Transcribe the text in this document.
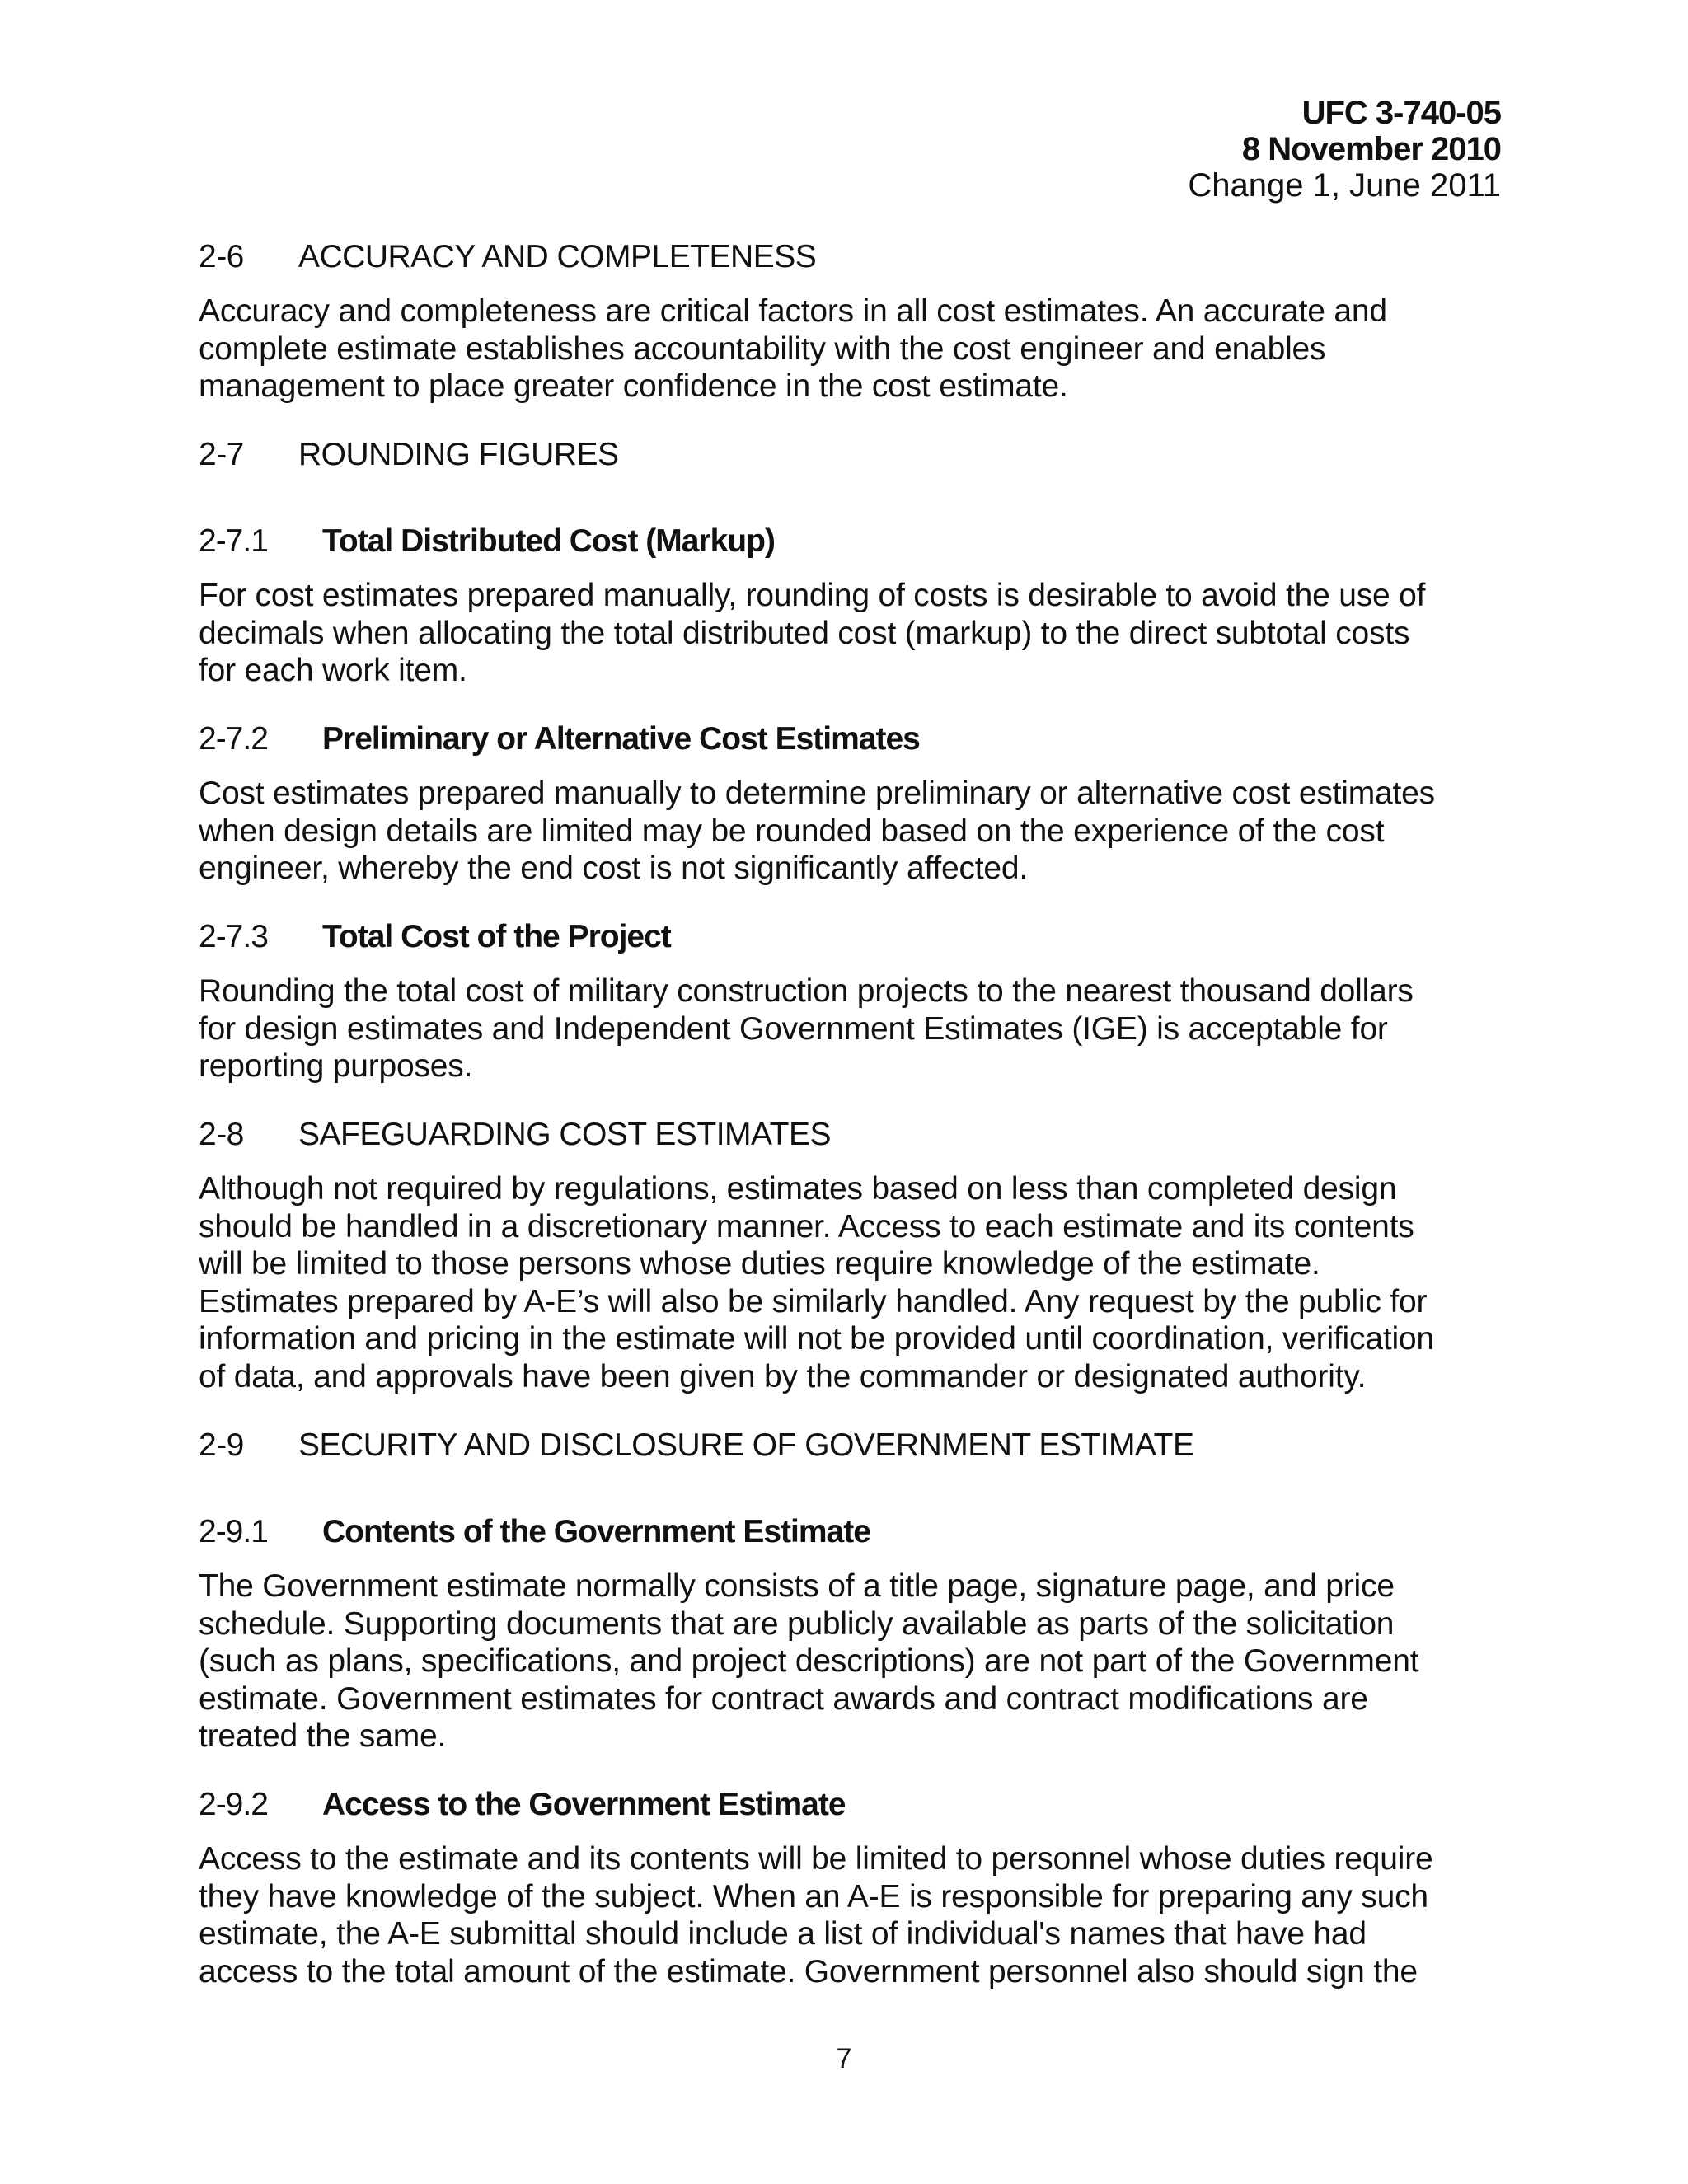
UFC 3-740-05
8 November 2010
Change 1, June 2011
2-6 ACCURACY AND COMPLETENESS
Accuracy and completeness are critical factors in all cost estimates. An accurate and
complete estimate establishes accountability with the cost engineer and enables
management to place greater confidence in the cost estimate.
2-7 ROUNDING FIGURES
2-7.1 Total Distributed Cost (Markup)
For cost estimates prepared manually, rounding of costs is desirable to avoid the use of
decimals when allocating the total distributed cost (markup) to the direct subtotal costs
for each work item.
2-7.2 Preliminary or Alternative Cost Estimates
Cost estimates prepared manually to determine preliminary or alternative cost estimates
when design details are limited may be rounded based on the experience of the cost
engineer, whereby the end cost is not significantly affected.
2-7.3 Total Cost of the Project
Rounding the total cost of military construction projects to the nearest thousand dollars
for design estimates and Independent Government Estimates (IGE) is acceptable for
reporting purposes.
2-8 SAFEGUARDING COST ESTIMATES
Although not required by regulations, estimates based on less than completed design
should be handled in a discretionary manner. Access to each estimate and its contents
will be limited to those persons whose duties require knowledge of the estimate.
Estimates prepared by A-E’s will also be similarly handled. Any request by the public for
information and pricing in the estimate will not be provided until coordination, verification
of data, and approvals have been given by the commander or designated authority.
2-9 SECURITY AND DISCLOSURE OF GOVERNMENT ESTIMATE
2-9.1 Contents of the Government Estimate
The Government estimate normally consists of a title page, signature page, and price
schedule. Supporting documents that are publicly available as parts of the solicitation
(such as plans, specifications, and project descriptions) are not part of the Government
estimate. Government estimates for contract awards and contract modifications are
treated the same.
2-9.2 Access to the Government Estimate
Access to the estimate and its contents will be limited to personnel whose duties require
they have knowledge of the subject. When an A-E is responsible for preparing any such
estimate, the A-E submittal should include a list of individual's names that have had
access to the total amount of the estimate. Government personnel also should sign the
7
